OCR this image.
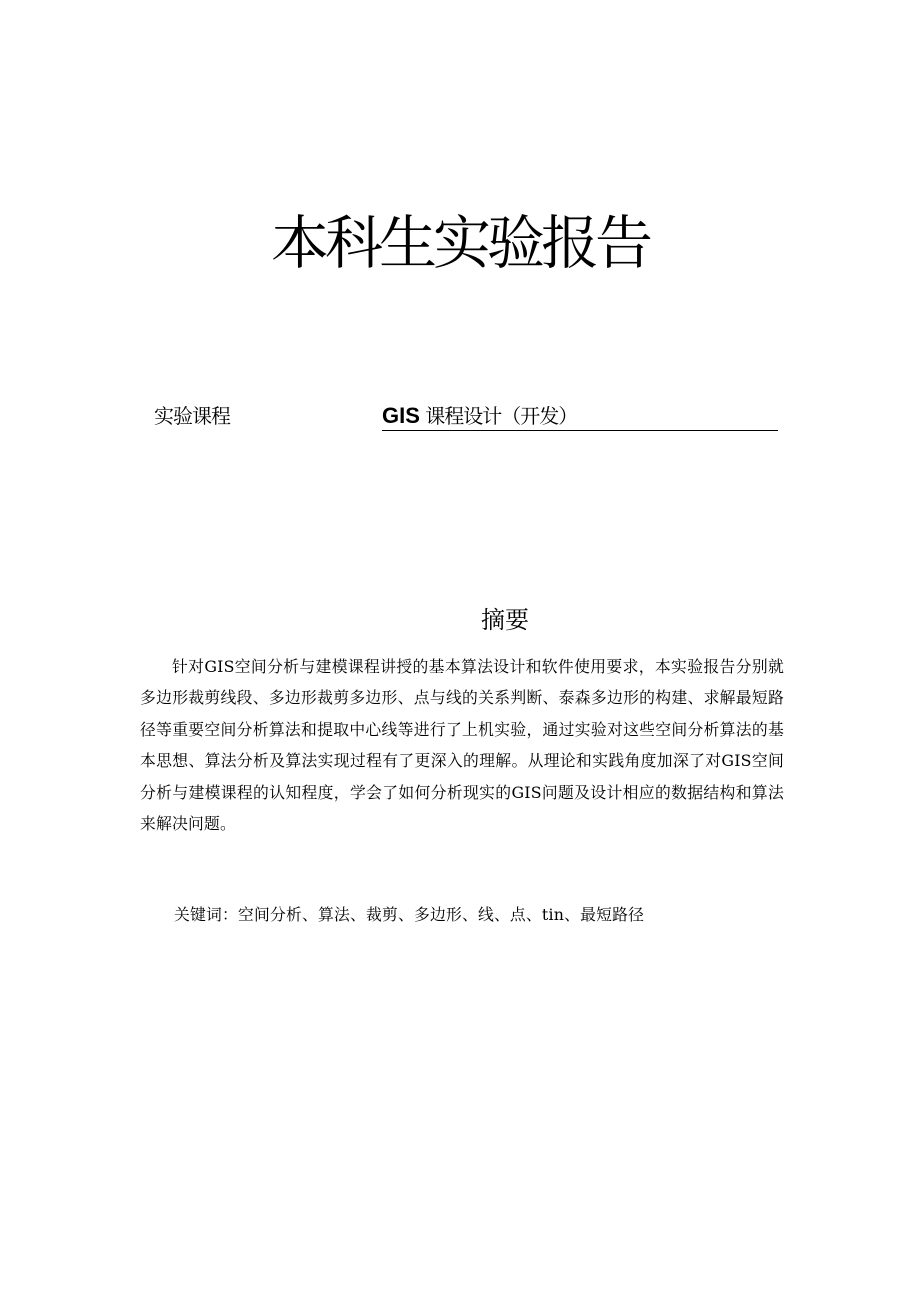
本科生实验报告
实验课程	GIS 课程设计（开发）
摘要

针对GIS空间分析与建模课程讲授的基本算法设计和软件使用要求，本实验报告分别就多边形裁剪线段、多边形裁剪多边形、点与线的关系判断、泰森多边形的构建、求解最短路径等重要空间分析算法和提取中心线等进行了上机实验，通过实验对这些空间分析算法的基本思想、算法分析及算法实现过程有了更深入的理解。从理论和实践角度加深了对GIS空间分析与建模课程的认知程度，学会了如何分析现实的GIS问题及设计相应的数据结构和算法来解决问题。

关键词：空间分析、算法、裁剪、多边形、线、点、tin、最短路径
